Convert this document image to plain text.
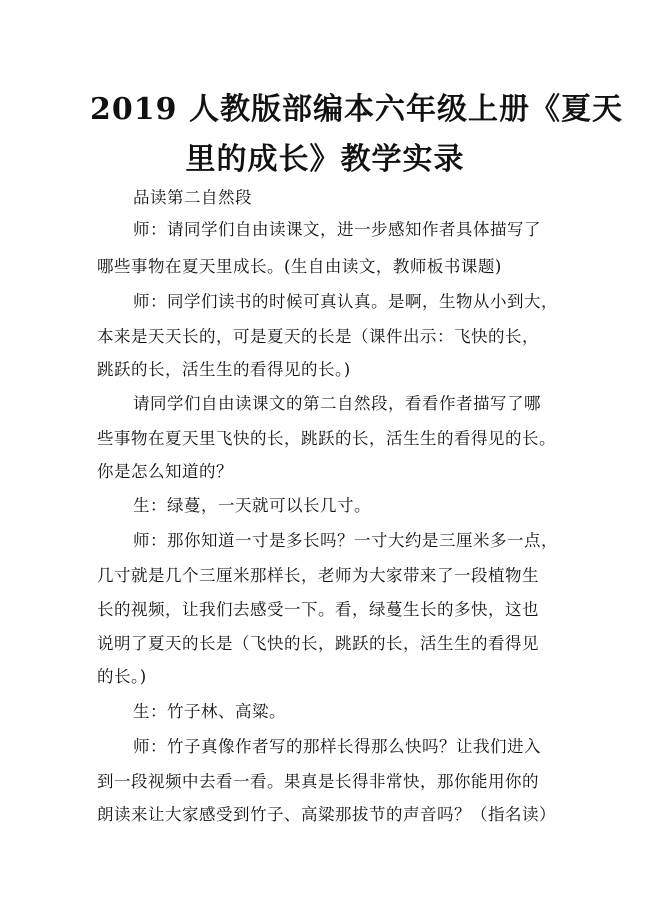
2019 人教版部编本六年级上册《夏天
里的成长》教学实录
品读第二自然段
师：请同学们自由读课文，进一步感知作者具体描写了
哪些事物在夏天里成长。(生自由读文，教师板书课题)
师：同学们读书的时候可真认真。是啊，生物从小到大，
本来是天天长的，可是夏天的长是（课件出示：飞快的长，
跳跃的长，活生生的看得见的长。)
请同学们自由读课文的第二自然段，看看作者描写了哪
些事物在夏天里飞快的长，跳跃的长，活生生的看得见的长。
你是怎么知道的？
生：绿蔓，一天就可以长几寸。
师：那你知道一寸是多长吗？一寸大约是三厘米多一点，
几寸就是几个三厘米那样长，老师为大家带来了一段植物生
长的视频，让我们去感受一下。看，绿蔓生长的多快，这也
说明了夏天的长是（飞快的长，跳跃的长，活生生的看得见
的长。)
生：竹子林、高粱。
师：竹子真像作者写的那样长得那么快吗？让我们进入
到一段视频中去看一看。果真是长得非常快，那你能用你的
朗读来让大家感受到竹子、高粱那拔节的声音吗？（指名读）
